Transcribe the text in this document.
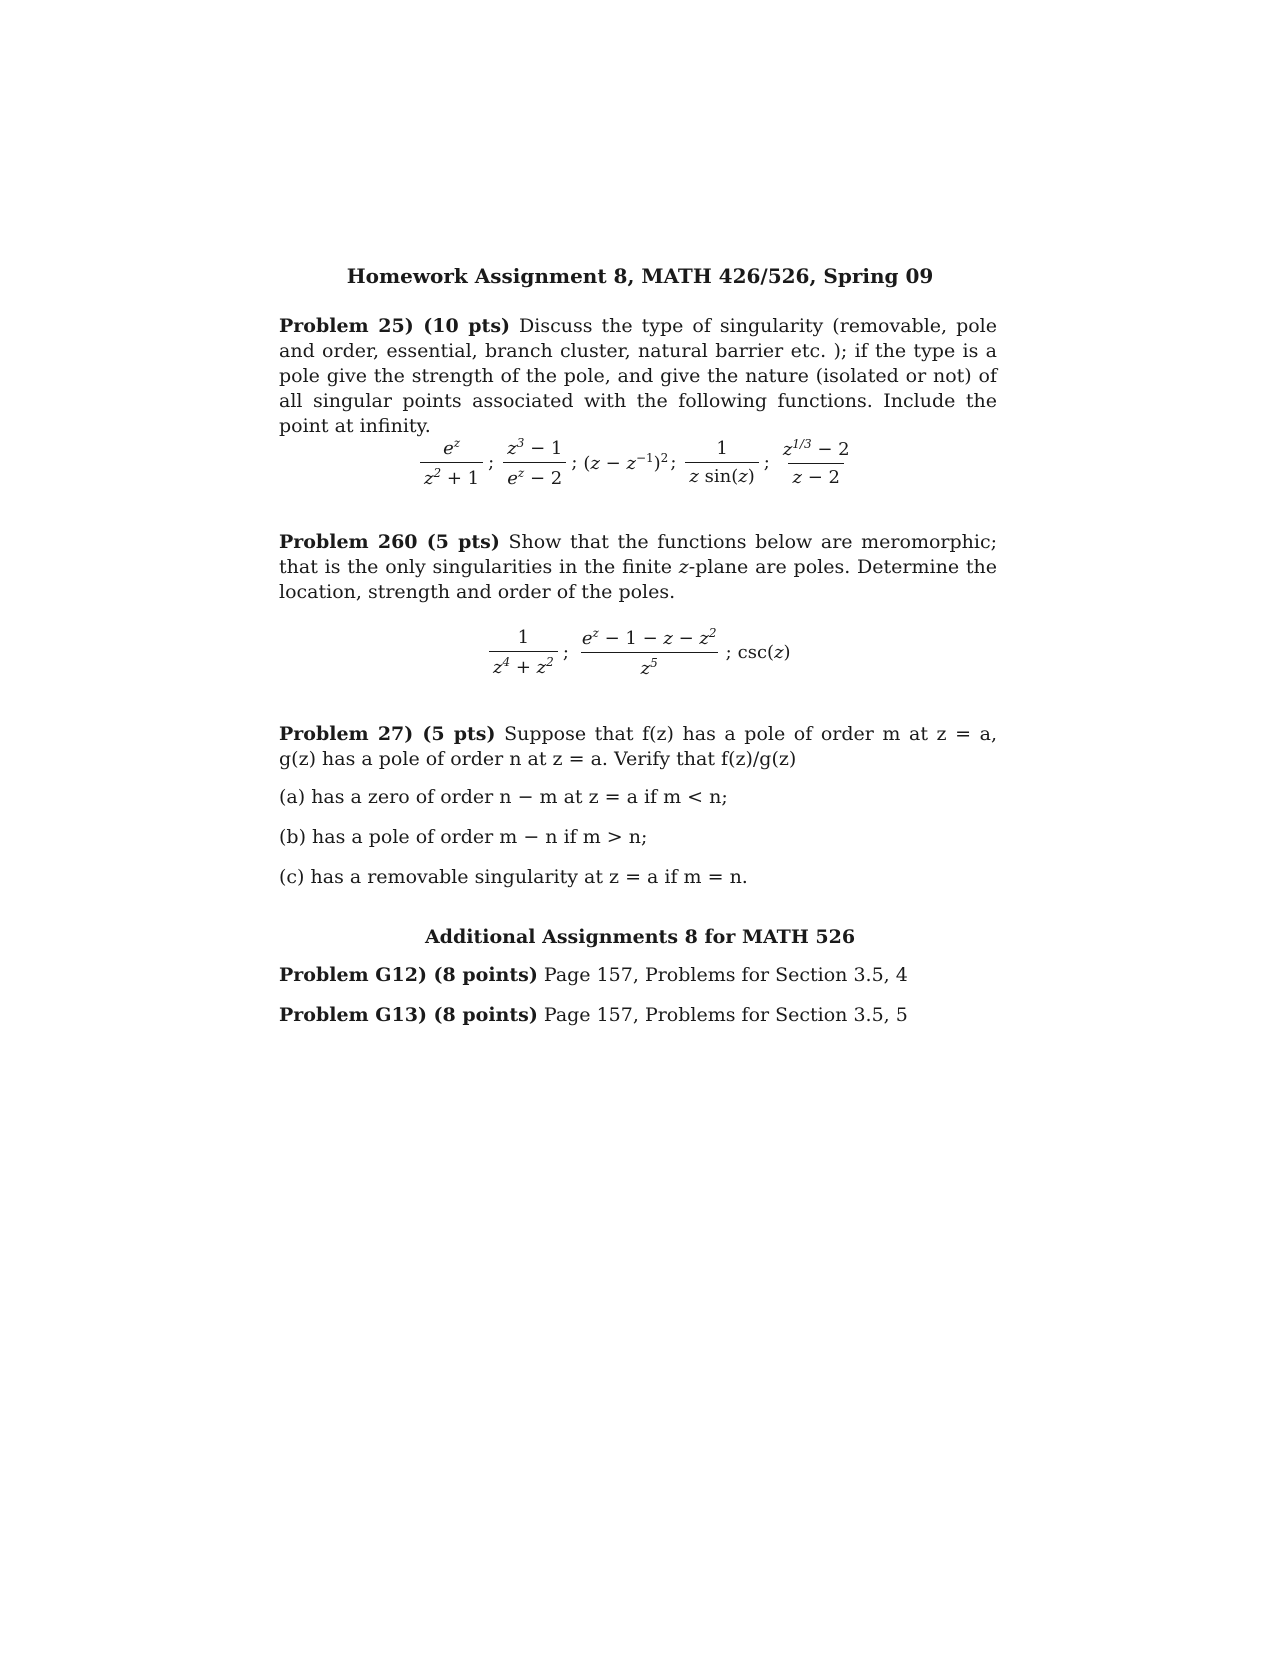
Homework Assignment 8, MATH 426/526, Spring 09
Problem 25) (10 pts) Discuss the type of singularity (removable, pole and order, essential, branch cluster, natural barrier etc. ); if the type is a pole give the strength of the pole, and give the nature (isolated or not) of all singular points associated with the following functions. Include the point at infinity.
$\frac{e^z}{z^2 + 1}$ ; $\frac{z^3 - 1}{e^z - 2}$ ; $(z - z^{-1})^2$ ; $\frac{1}{\text{z sin(z)}}$ ; $\frac{z^{1/3} - 2}{z - 2}$
Problem 260 (5 pts) Show that the functions below are meromorphic; that is the only singularities in the finite z-plane are poles. Determine the location, strength and order of the poles.
$\frac{1}{z^4 + z^2}$ ; $\frac{e^z - 1 - z - z^2}{z^5}$ ; csc(z)
Problem 27) (5 pts) Suppose that f(z) has a pole of order m at z = a, g(z) has a pole of order n at z = a. Verify that f(z)/g(z)
(a) has a zero of order n − m at z = a if m < n;
(b) has a pole of order m − n if m > n;
(c) has a removable singularity at z = a if m = n.
Additional Assignments 8 for MATH 526
Problem G12) (8 points) Page 157, Problems for Section 3.5, 4
Problem G13) (8 points) Page 157, Problems for Section 3.5, 5
